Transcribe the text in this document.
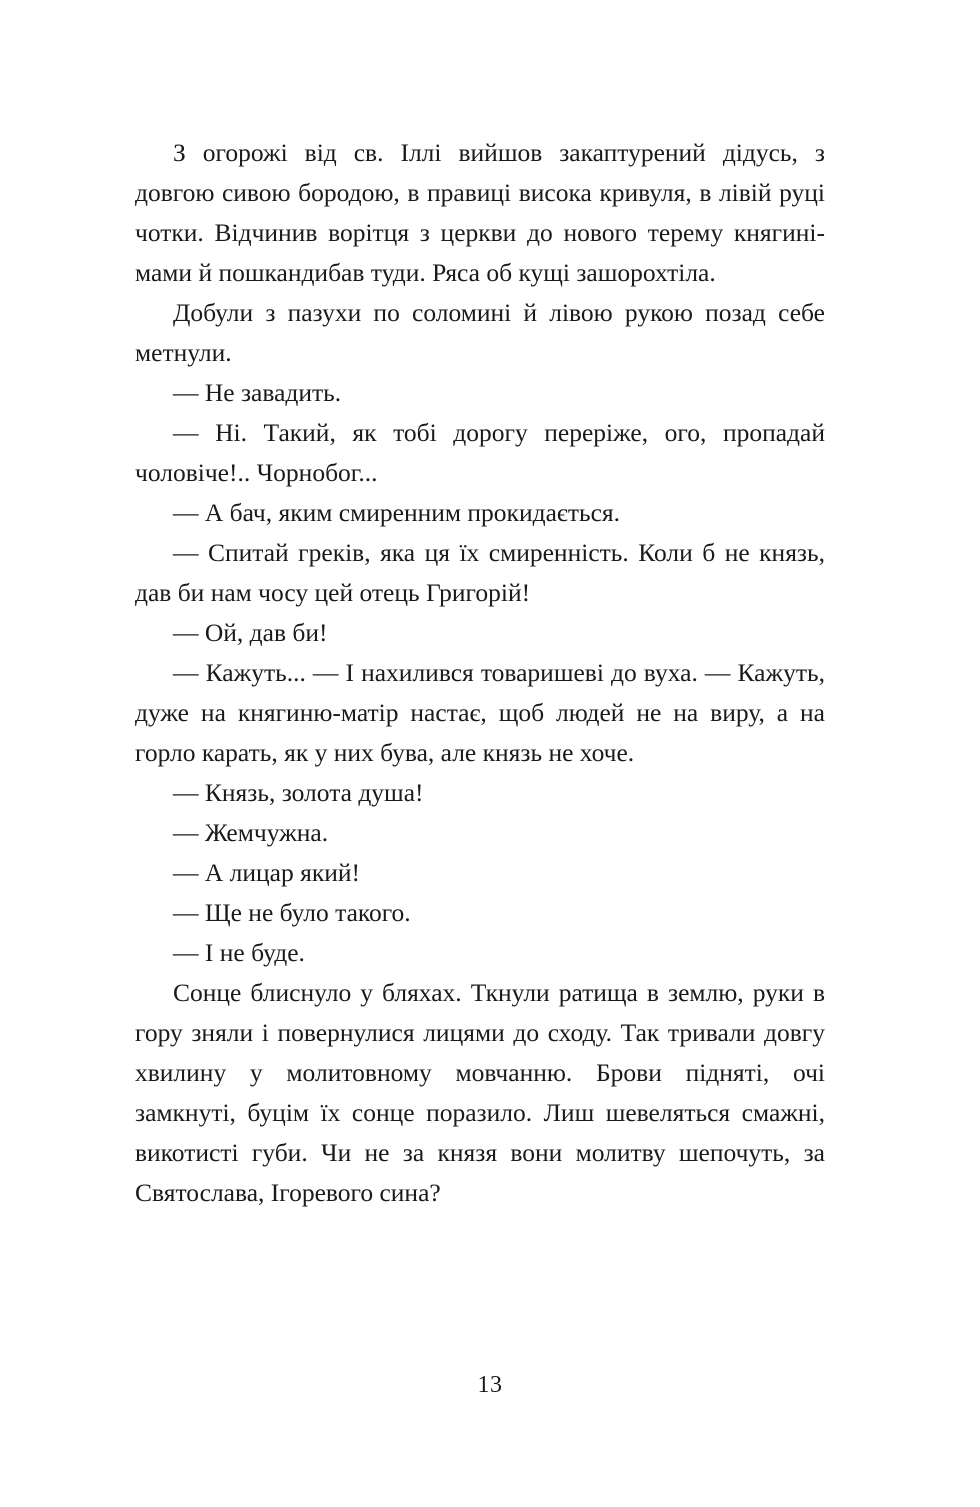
З огорожі від св. Іллі вийшов закаптурений дідусь, з довгою сивою бородою, в правиці висока кривуля, в лівій руці чотки. Відчинив ворітця з церкви до нового терему княгині-мами й пошкандибав туди. Ряса об кущі зашорохтіла.

Добули з пазухи по соломині й лівою рукою позад себе метнули.

— Не завадить.

— Ні. Такий, як тобі дорогу переріже, ого, пропадай чоловіче!.. Чорнобог...

— А бач, яким смиренним прокидається.

— Спитай греків, яка ця їх смиренність. Коли б не князь, дав би нам чосу цей отець Григорій!

— Ой, дав би!

— Кажуть... — І нахилився товаришеві до вуха. — Кажуть, дуже на княгиню-матір настає, щоб людей не на виру, а на горло карать, як у них бува, але князь не хоче.

— Князь, золота душа!

— Жемчужна.

— А лицар який!

— Ще не було такого.

— І не буде.

Сонце блиснуло у бляхах. Ткнули ратища в землю, руки в гору зняли і повернулися лицями до сходу. Так тривали довгу хвилину у молитовному мовчанню. Брови підняті, очі замкнуті, буцім їх сонце поразило. Лиш шевеляться смажні, викотисті губи. Чи не за князя вони молитву шепочуть, за Святослава, Ігоревого сина?

13
